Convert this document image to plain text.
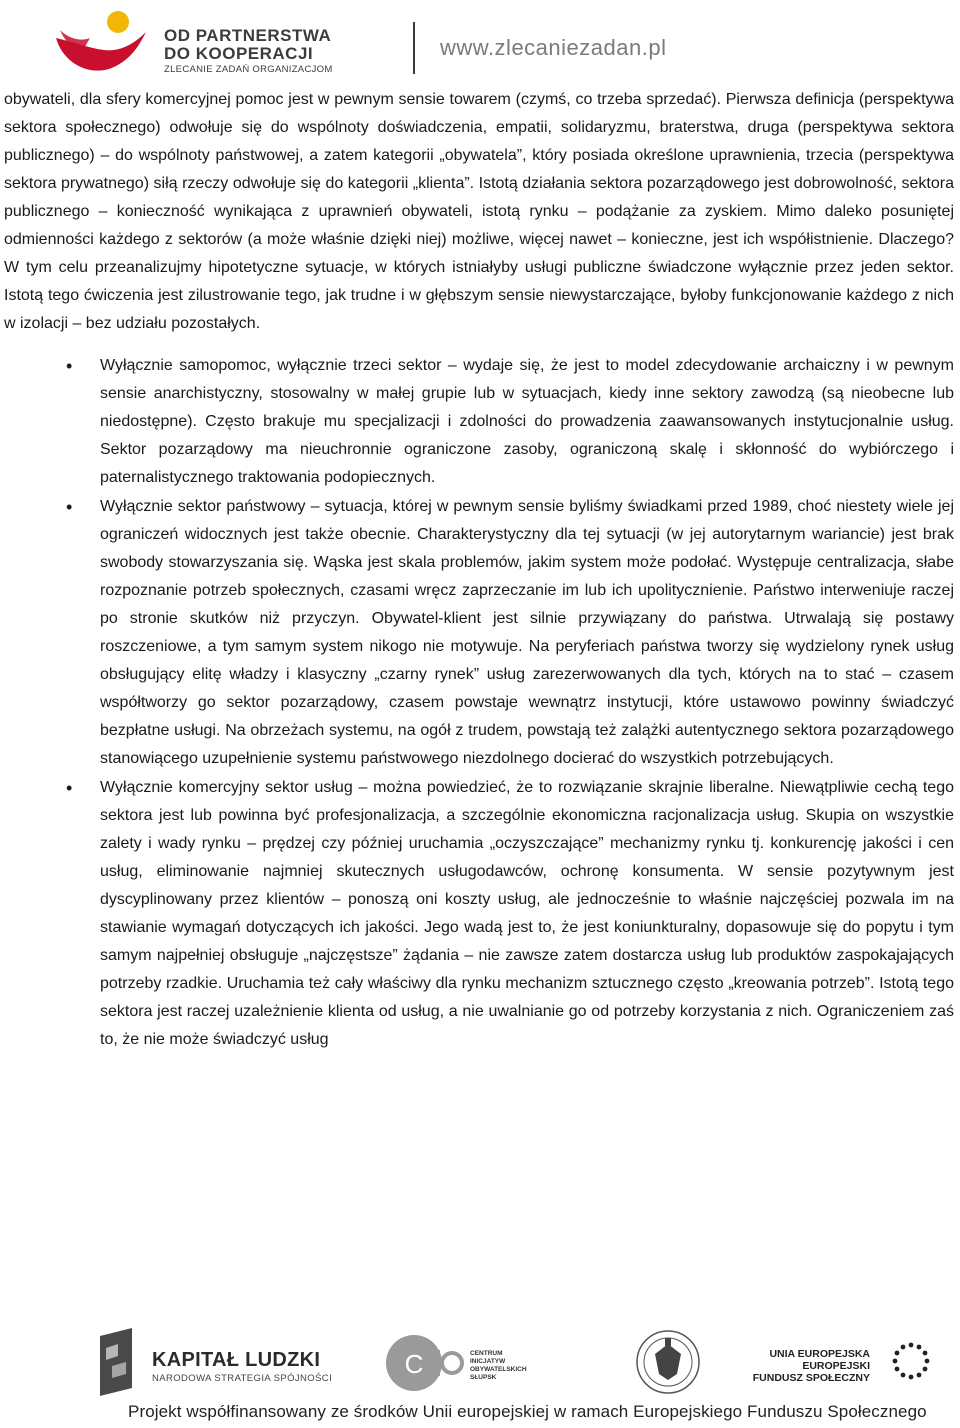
OD PARTNERSTWA
DO KOOPERACJI
ZLECANIE ZADAŃ ORGANIZACJOM
www.zlecaniezadan.pl

obywateli, dla sfery komercyjnej pomoc jest w pewnym sensie towarem (czymś, co trzeba sprzedać). Pierwsza definicja (perspektywa sektora społecznego) odwołuje się do wspólnoty doświadczenia, empatii, solidaryzmu, braterstwa, druga (perspektywa sektora publicznego) – do wspólnoty państwowej, a zatem kategorii „obywatela”, który posiada określone uprawnienia, trzecia (perspektywa sektora prywatnego) siłą rzeczy odwołuje się do kategorii „klienta”. Istotą działania sektora pozarządowego jest dobrowolność, sektora publicznego – konieczność wynikająca z uprawnień obywateli, istotą rynku – podążanie za zyskiem. Mimo daleko posuniętej odmienności każdego z sektorów (a może właśnie dzięki niej) możliwe, więcej nawet – konieczne, jest ich współistnienie. Dlaczego? W tym celu przeanalizujmy hipotetyczne sytuacje, w których istniałyby usługi publiczne świadczone wyłącznie przez jeden sektor. Istotą tego ćwiczenia jest zilustrowanie tego, jak trudne i w głębszym sensie niewystarczające, byłoby funkcjonowanie każdego z nich w izolacji – bez udziału pozostałych.

• Wyłącznie samopomoc, wyłącznie trzeci sektor – wydaje się, że jest to model zdecydowanie archaiczny i w pewnym sensie anarchistyczny, stosowalny w małej grupie lub w sytuacjach, kiedy inne sektory zawodzą (są nieobecne lub niedostępne). Często brakuje mu specjalizacji i zdolności do prowadzenia zaawansowanych instytucjonalnie usług. Sektor pozarządowy ma nieuchronnie ograniczone zasoby, ograniczoną skalę i skłonność do wybiórczego i paternalistycznego traktowania podopiecznych.
• Wyłącznie sektor państwowy – sytuacja, której w pewnym sensie byliśmy świadkami przed 1989, choć niestety wiele jej ograniczeń widocznych jest także obecnie. Charakterystyczny dla tej sytuacji (w jej autorytarnym wariancie) jest brak swobody stowarzyszania się. Wąska jest skala problemów, jakim system może podołać. Występuje centralizacja, słabe rozpoznanie potrzeb społecznych, czasami wręcz zaprzeczanie im lub ich upolitycznienie. Państwo interweniuje raczej po stronie skutków niż przyczyn. Obywatel-klient jest silnie przywiązany do państwa. Utrwalają się postawy roszczeniowe, a tym samym system nikogo nie motywuje. Na peryferiach państwa tworzy się wydzielony rynek usług obsługujący elitę władzy i klasyczny „czarny rynek” usług zarezerwowanych dla tych, których na to stać – czasem współtworzy go sektor pozarządowy, czasem powstaje wewnątrz instytucji, które ustawowo powinny świadczyć bezpłatne usługi. Na obrzeżach systemu, na ogół z trudem, powstają też zalążki autentycznego sektora pozarządowego stanowiącego uzupełnienie systemu państwowego niezdolnego docierać do wszystkich potrzebujących.
• Wyłącznie komercyjny sektor usług – można powiedzieć, że to rozwiązanie skrajnie liberalne. Niewątpliwie cechą tego sektora jest lub powinna być profesjonalizacja, a szczególnie ekonomiczna racjonalizacja usług. Skupia on wszystkie zalety i wady rynku – prędzej czy później uruchamia „oczyszczające” mechanizmy rynku tj. konkurencję jakości i cen usług, eliminowanie najmniej skutecznych usługodawców, ochronę konsumenta. W sensie pozytywnym jest dyscyplinowany przez klientów – ponoszą oni koszty usług, ale jednocześnie to właśnie najczęściej pozwala im na stawianie wymagań dotyczących ich jakości. Jego wadą jest to, że jest koniunkturalny, dopasowuje się do popytu i tym samym najpełniej obsługuje „najczęstsze” żądania – nie zawsze zatem dostarcza usług lub produktów zaspokajających potrzeby rzadkie. Uruchamia też cały właściwy dla rynku mechanizm sztucznego często „kreowania potrzeb”. Istotą tego sektora jest raczej uzależnienie klienta od usług, a nie uwalnianie go od potrzeby korzystania z nich. Ograniczeniem zaś to, że nie może świadczyć usług
KAPITAŁ LUDZKI
NARODOWA STRATEGIA SPÓJNOŚCI	C	CENTRUM INICJATYW OBYWATELSKICH SŁUPSK
UNIA EUROPEJSKA
EUROPEJSKI
FUNDUSZ SPOŁECZNY
Projekt współfinansowany ze środków Unii europejskiej w ramach Europejskiego Funduszu Społecznego
